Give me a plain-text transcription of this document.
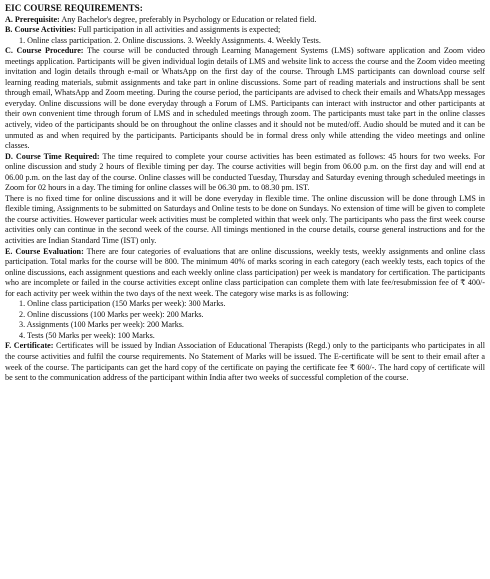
EIC COURSE REQUIREMENTS:

A. Prerequisite: Any Bachelor's degree, preferably in Psychology or Education or related field.

B. Course Activities: Full participation in all activities and assignments is expected;

1. Online class participation. 2. Online discussions. 3. Weekly Assignments. 4. Weekly Tests.

C. Course Procedure: The course will be conducted through Learning Management Systems (LMS) software application and Zoom video meetings application. Participants will be given individual login details of LMS and website link to access the course and the Zoom video meeting invitation and login details through e-mail or WhatsApp on the first day of the course. Through LMS participants can download course self learning reading materials, submit assignments and take part in online discussions. Some part of reading materials and instructions shall be sent through email, WhatsApp and Zoom meeting. During the course period, the participants are advised to check their emails and WhatsApp messages everyday. Online discussions will be done everyday through a Forum of LMS. Participants can interact with instructor and other participants at their own convenient time through forum of LMS and in scheduled meetings through zoom. The participants must take part in the online classes actively, video of the participants should be on throughout the online classes and it should not be muted/off. Audio should be muted and it can be unmuted as and when required by the participants. Participants should be in formal dress only while attending the video meetings and online classes.

D. Course Time Required: The time required to complete your course activities has been estimated as follows: 45 hours for two weeks. For online discussion and study 2 hours of flexible timing per day. The course activities will begin from 06.00 p.m. on the first day and will end at 06.00 p.m. on the last day of the course. Online classes will be conducted Tuesday, Thursday and Saturday evening through scheduled meetings in Zoom for 02 hours in a day. The timing for online classes will be 06.30 pm. to 08.30 pm. IST.

There is no fixed time for online discussions and it will be done everyday in flexible time. The online discussion will be done through LMS in flexible timing, Assignments to be submitted on Saturdays and Online tests to be done on Sundays. No extension of time will be given to complete the course activities. However particular week activities must be completed within that week only. The participants who pass the first week course activities only can continue in the second week of the course. All timings mentioned in the course details, course general instructions and for the activities are Indian Standard Time (IST) only.

E. Course Evaluation: There are four categories of evaluations that are online discussions, weekly tests, weekly assignments and online class participation. Total marks for the course will be 800. The minimum 40% of marks scoring in each category (each weekly tests, each topics of the online discussions, each assignment questions and each weekly online class participation) per week is mandatory for certification. The participants who are incomplete or failed in the course activities except online class participation can complete them with late fee/resubmission fee of ₹ 400/- for each activity per week within the two days of the next week. The category wise marks is as following:

1. Online class participation (150 Marks per week): 300 Marks.
2. Online discussions (100 Marks per week): 200 Marks.
3. Assignments (100 Marks per week): 200 Marks.
4. Tests (50 Marks per week): 100 Marks.

F. Certificate: Certificates will be issued by Indian Association of Educational Therapists (Regd.) only to the participants who participates in all the course activities and fulfil the course requirements. No Statement of Marks will be issued. The E-certificate will be sent to their email after a week of the course. The participants can get the hard copy of the certificate on paying the certificate fee ₹ 600/-. The hard copy of certificate will be sent to the communication address of the participant within India after two weeks of successful completion of the course.
